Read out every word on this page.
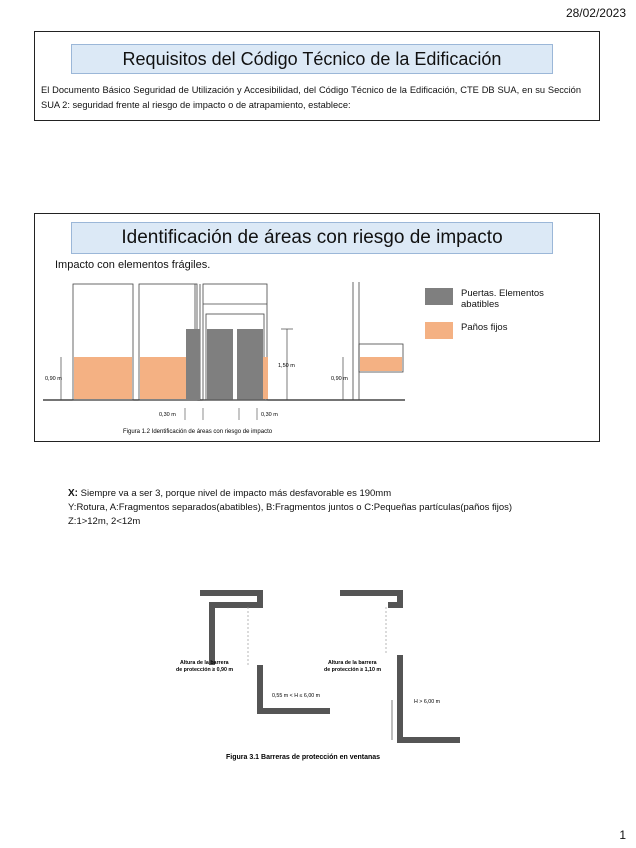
28/02/2023
Requisitos del Código Técnico de la Edificación
El Documento Básico Seguridad de Utilización y Accesibilidad, del Código Técnico de la Edificación, CTE DB SUA, en su Sección SUA 2: seguridad frente al riesgo de impacto o de atrapamiento, establece:
Identificación de áreas con riesgo de impacto
Impacto con elementos frágiles.
1,50 m
0,90 m	0,90 m
0,30 m	0,30 m
Figura 1.2 Identificación de áreas con riesgo de impacto
Puertas. Elementos abatibles
Paños fijos
X: Siempre va a ser 3, porque nivel de impacto más desfavorable es 190mm
Y:Rotura, A:Fragmentos separados(abatibles), B:Fragmentos juntos o C:Pequeñas partículas(paños fijos)
Z:1>12m, 2<12m
Altura de la barrera
de protección ≥ 0,90 m
0,55 m < H ≤ 6,00 m
Altura de la barrera
de protección ≥ 1,10 m
H > 6,00 m
Figura 3.1 Barreras de protección en ventanas
1
